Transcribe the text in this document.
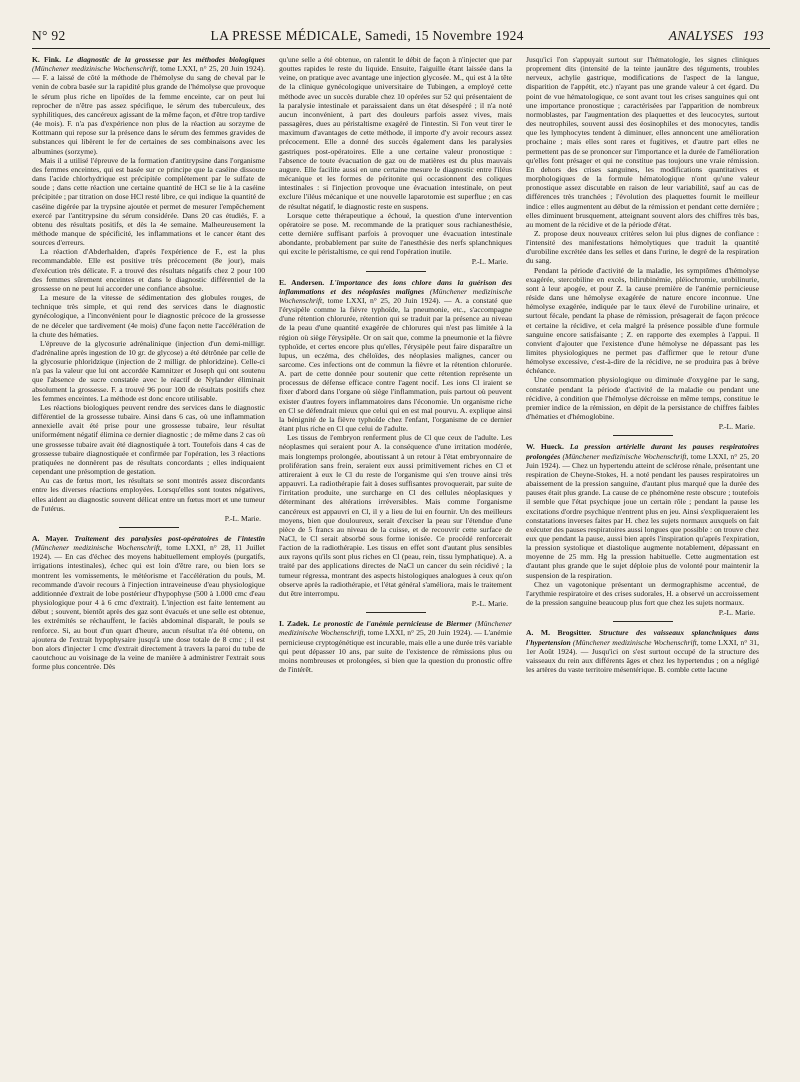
N° 92	LA PRESSE MÉDICALE, Samedi, 15 Novembre 1924	ANALYSES 193

K. Fink. Le diagnostic de la grossesse par les méthodes biologiques (Münchener medizinische Wochenschrift, tome LXXI, n° 25, 20 Juin 1924). — F. a laissé de côté la méthode de l'hémolyse du sang de cheval par le venin de cobra basée sur la rapidité plus grande de l'hémolyse que provoque le sérum plus riche en lipoïdes de la femme enceinte, car on peut lui reprocher de n'être pas assez spécifique, le sérum des tuberculeux, des syphilitiques, des cancéreux agissant de la même façon, et d'être trop tardive (4e mois). F. n'a pas d'expérience non plus de la réaction au sorzyme de Kottmann qui repose sur la présence dans le sérum des femmes gravides de substances qui libèrent le fer de certaines de ses combinaisons avec les albumines (sorzyme).

Mais il a utilisé l'épreuve de la formation d'antitrypsine dans l'organisme des femmes enceintes, qui est basée sur ce principe que la caséine dissoute dans l'acide chlorhydrique est précipitée complètement par le sulfate de soude ; dans cette réaction une certaine quantité de HCl se lie à la caséine précipitée ; par titration on dose HCl resté libre, ce qui indique la quantité de caséine digérée par la trypsine ajoutée et permet de mesurer l'empêchement exercé par l'antitrypsine du sérum considérée. Dans 20 cas étudiés, F. a obtenu des résultats positifs, et dès la 4e semaine. Malheureusement la méthode manque de spécificité, les inflammations et le cancer étant des sources d'erreurs.

La réaction d'Abderhalden, d'après l'expérience de F., est la plus recommandable. Elle est positive très précocement (8e jour), mais d'exécution très délicate. F. a trouvé des résultats négatifs chez 2 pour 100 des femmes sûrement enceintes et dans le diagnostic différentiel de la grossesse on ne peut lui accorder une confiance absolue.

La mesure de la vitesse de sédimentation des globules rouges, de technique très simple, et qui rend des services dans le diagnostic gynécologique, a l'inconvénient pour le diagnostic précoce de la grossesse de ne déceler que tardivement (4e mois) d'une façon nette l'accélération de la chute des hématies.

L'épreuve de la glycosurie adrénalinique (injection d'un demi-milligr. d'adrénaline après ingestion de 10 gr. de glycose) a été détrônée par celle de la glycosurie phloridzique (injection de 2 milligr. de phloridzine). Celle-ci n'a pas la valeur que lui ont accordée Kamnitzer et Joseph qui ont soutenu que l'absence de sucre constatée avec le réactif de Nylander éliminait absolument la grossesse. F. a trouvé 96 pour 100 de résultats positifs chez les femmes enceintes. La méthode est donc encore utilisable.

Les réactions biologiques peuvent rendre des services dans le diagnostic différentiel de la grossesse tubaire. Ainsi dans 6 cas, où une inflammation annexielle avait été prise pour une grossesse tubaire, leur résultat uniformément négatif élimina ce dernier diagnostic ; de même dans 2 cas où une grossesse tubaire avait été diagnostiquée à tort. Toutefois dans 4 cas de grossesse tubaire diagnostiquée et confirmée par l'opération, les 3 réactions pratiquées ne donnèrent pas de résultats concordants ; elles indiquaient cependant une présomption de gestation.

Au cas de fœtus mort, les résultats se sont montrés assez discordants entre les diverses réactions employées. Lorsqu'elles sont toutes négatives, elles aident au diagnostic souvent délicat entre un fœtus mort et une tumeur de l'utérus.

P.-L. Marie.

A. Mayer. Traitement des paralysies post-opératoires de l'intestin (Münchener medizinische Wochenschrift, tome LXXI, n° 28, 11 Juillet 1924). — En cas d'échec des moyens habituellement employés (purgatifs, irrigations intestinales), échec qui est loin d'être rare, ou bien lors se montrent les vomissements, le météorisme et l'accélération du pouls, M. recommande d'avoir recours à l'injection intraveineuse d'eau physiologique additionnée d'extrait de lobe postérieur d'hypophyse (500 à 1.000 cmc d'eau physiologique pour 4 à 6 cmc d'extrait). L'injection est faite lentement au début ; souvent, bientôt après des gaz sont évacués et une selle est obtenue, les extrémités se réchauffent, le faciès abdominal disparaît, le pouls se renforce. Si, au bout d'un quart d'heure, aucun résultat n'a été obtenu, on ajoutera de l'extrait hypophysaire jusqu'à une dose totale de 8 cmc ; il est bon alors d'injecter 1 cmc d'extrait directement à travers la paroi du tube de caoutchouc au voisinage de la veine de manière à administrer l'extrait sous forme plus concentrée. Dès

qu'une selle a été obtenue, on ralentit le débit de façon à n'injecter que par gouttes rapides le reste du liquide. Ensuite, l'aiguille étant laissée dans la veine, on pratique avec avantage une injection glycosée. M., qui est à la tête de la clinique gynécologique universitaire de Tubingen, a employé cette méthode avec un succès durable chez 10 opérées sur 52 qui présentaient de la paralysie intestinale et paraissaient dans un état désespéré ; il n'a noté aucun inconvénient, à part des douleurs parfois assez vives, mais passagères, dues au péristaltisme exagéré de l'intestin. Si l'on veut tirer le maximum d'avantages de cette méthode, il importe d'y avoir recours assez précocement. Elle a donné des succès également dans les paralysies gastriques post-opératoires. Elle a une certaine valeur pronostique : l'absence de toute évacuation de gaz ou de matières est du plus mauvais augure. Elle facilite aussi en une certaine mesure le diagnostic entre l'iléus mécanique et les formes de péritonite qui occasionnent des coliques intestinales : si l'injection provoque une évacuation intestinale, on peut exclure l'iléus mécanique et une nouvelle laparotomie est superflue ; en cas de résultat négatif, le diagnostic reste en suspens.

Lorsque cette thérapeutique a échoué, la question d'une intervention opératoire se pose. M. recommande de la pratiquer sous rachianesthésie, cette dernière suffisant parfois à provoquer une évacuation intestinale abondante, probablement par suite de l'anesthésie des nerfs splanchniques qui excite le péristaltisme, ce qui rend l'opération inutile.

P.-L. Marie.

E. Andersen. L'importance des ions chlore dans la guérison des inflammations et des néoplasies malignes (Münchener medizinische Wochenschrift, tome LXXI, n° 25, 20 Juin 1924). — A. a constaté que l'érysipèle comme la fièvre typhoïde, la pneumonie, etc., s'accompagne d'une rétention chlorurée, rétention qui se traduit par la présence au niveau de la peau d'une quantité exagérée de chlorures qui n'est pas limitée à la région où siège l'érysipèle. Or on sait que, comme la pneumonie et la fièvre typhoïde, et certes encore plus qu'elles, l'érysipèle peut faire disparaître un lupus, un eczéma, des chéloïdes, des néoplasies malignes, cancer ou sarcome. Ces infections ont de commun la fièvre et la rétention chlorurée. A. part de cette donnée pour soutenir que cette rétention représente un processus de défense efficace contre l'agent nocif. Les ions Cl iraient se fixer d'abord dans l'organe où siège l'inflammation, puis partout où peuvent exister d'autres foyers inflammatoires dans l'économie. Un organisme riche en Cl se défendrait mieux que celui qui en est mal pourvu. A. explique ainsi la bénignité de la fièvre typhoïde chez l'enfant, l'organisme de ce dernier étant plus riche en Cl que celui de l'adulte.

Les tissus de l'embryon renferment plus de Cl que ceux de l'adulte. Les néoplasmes qui seraient pour A. la conséquence d'une irritation modérée, mais longtemps prolongée, aboutissant à un retour à l'état embryonnaire de prolifération sans frein, seraient eux aussi primitivement riches en Cl et attireraient à eux le Cl du reste de l'organisme qui s'en trouve ainsi très appauvri. La radiothérapie fait à doses suffisantes provoquerait, par suite de l'irritation produite, une surcharge en Cl des cellules néoplasiques y déterminant des altérations irréversibles. Mais comme l'organisme cancéreux est appauvri en Cl, il y a lieu de lui en fournir. Un des meilleurs moyens, bien que douloureux, serait d'exciser la peau sur l'étendue d'une pièce de 5 francs au niveau de la cuisse, et de recouvrir cette surface de NaCl, le Cl serait absorbé sous forme ionisée. Ce procédé renforcerait l'action de la radiothérapie. Les tissus en effet sont d'autant plus sensibles aux rayons qu'ils sont plus riches en Cl (peau, rein, tissu lymphatique). A. a traité par des applications directes de NaCl un cancer du sein récidivé ; la tumeur régressa, montrant des aspects histologiques analogues à ceux qu'on observe après la radiothérapie, et l'état général s'améliora, mais le traitement dut être interrompu.

P.-L. Marie.

I. Zadek. Le pronostic de l'anémie pernicieuse de Biermer (Münchener medizinische Wochenschrift, tome LXXI, n° 25, 20 Juin 1924). — L'anémie pernicieuse cryptogénétique est incurable, mais elle a une durée très variable qui peut dépasser 10 ans, par suite de l'existence de rémissions plus ou moins nombreuses et prolongées, si bien que la question du pronostic offre de l'intérêt.

Jusqu'ici l'on s'appuyait surtout sur l'hématologie, les signes cliniques proprement dits (intensité de la teinte jaunâtre des téguments, troubles nerveux, achylie gastrique, modifications de l'aspect de la langue, disparition de l'appétit, etc.) n'ayant pas une grande valeur à cet égard. Du point de vue hématologique, ce sont avant tout les crises sanguines qui ont une importance pronostique ; caractérisées par l'apparition de nombreux normoblastes, par l'augmentation des plaquettes et des leucocytes, surtout des neutrophiles, souvent aussi des éosinophiles et des monocytes, tandis que les lymphocytes tendent à diminuer, elles annoncent une amélioration prochaine ; mais elles sont rares et fugitives, et d'autre part elles ne permettent pas de se prononcer sur l'importance et la durée de l'amélioration qu'elles font présager et qui ne constitue pas toujours une vraie rémission. En dehors des crises sanguines, les modifications quantitatives et morphologiques de la formule hématologique n'ont qu'une valeur pronostique assez discutable en raison de leur variabilité, sauf au cas de différences très tranchées ; l'évolution des plaquettes fournit le meilleur indice : elles augmentent au début de la rémission et pendant cette dernière ; elles diminuent brusquement, atteignant souvent alors des chiffres très bas, au moment de la récidive et de la période d'état.

Z. propose deux nouveaux critères selon lui plus dignes de confiance : l'intensité des manifestations hémolytiques que traduit la quantité d'urobiline excrétée dans les selles et dans l'urine, le degré de la respiration du sang.

Pendant la période d'activité de la maladie, les symptômes d'hémolyse exagérée, stercobiline en excès, bilirubinémie, pléiochromie, urobilinurie, sont à leur apogée, et pour Z. la cause première de l'anémie pernicieuse réside dans une hémolyse exagérée de nature encore inconnue. Une hémolyse exagérée, indiquée par le taux élevé de l'urobiline urinaire, et surtout fécale, pendant la phase de rémission, présagerait de façon précoce et certaine la récidive, et cela malgré la présence possible d'une formule sanguine encore satisfaisante ; Z. en rapporte des exemples à l'appui. Il convient d'ajouter que l'existence d'une hémolyse ne dépassant pas les limites physiologiques ne permet pas d'affirmer que le retour d'une hémolyse excessive, c'est-à-dire de la récidive, ne se produira pas à brève échéance.

Une consommation physiologique ou diminuée d'oxygène par le sang, constatée pendant la période d'activité de la maladie ou pendant une récidive, à condition que l'hémolyse décroisse en même temps, constitue le premier indice de la rémission, en dépit de la persistance de chiffres faibles d'hématies et d'hémoglobine.

P.-L. Marie.

W. Hueck. La pression artérielle durant les pauses respiratoires prolongées (Münchener medizinische Wochenschrift, tome LXXI, n° 25, 20 Juin 1924). — Chez un hypertendu atteint de sclérose rénale, présentant une respiration de Cheyne-Stokes, H. a noté pendant les pauses respiratoires un abaissement de la pression sanguine, d'autant plus marqué que la durée des pauses était plus grande. La cause de ce phénomène reste obscure ; toutefois il semble que l'état psychique joue un certain rôle ; pendant la pause les excitations d'ordre psychique n'entrent plus en jeu. Ainsi s'expliqueraient les constatations inverses faites par H. chez les sujets normaux auxquels on fait exécuter des pauses respiratoires aussi longues que possible : on trouve chez eux que pendant la pause, aussi bien après l'inspiration qu'après l'expiration, la pression systolique et diastolique augmente notablement, dépassant en moyenne de 25 mm. Hg la pression habituelle. Cette augmentation est d'autant plus grande que le sujet déploie plus de volonté pour maintenir la suspension de la respiration.

Chez un vagotonique présentant un dermographisme accentué, de l'arythmie respiratoire et des crises sudorales, H. a observé un accroissement de la pression sanguine beaucoup plus fort que chez les sujets normaux.

P.-L. Marie.

A. M. Brogsitter. Structure des vaisseaux splanchniques dans l'hypertension (Münchener medizinische Wochenschrift, tome LXXI, n° 31, 1er Août 1924). — Jusqu'ici on s'est surtout occupé de la structure des vaisseaux du rein aux différents âges et chez les hypertendus ; on a négligé les artères du vaste territoire mésentérique. B. comble cette lacune
